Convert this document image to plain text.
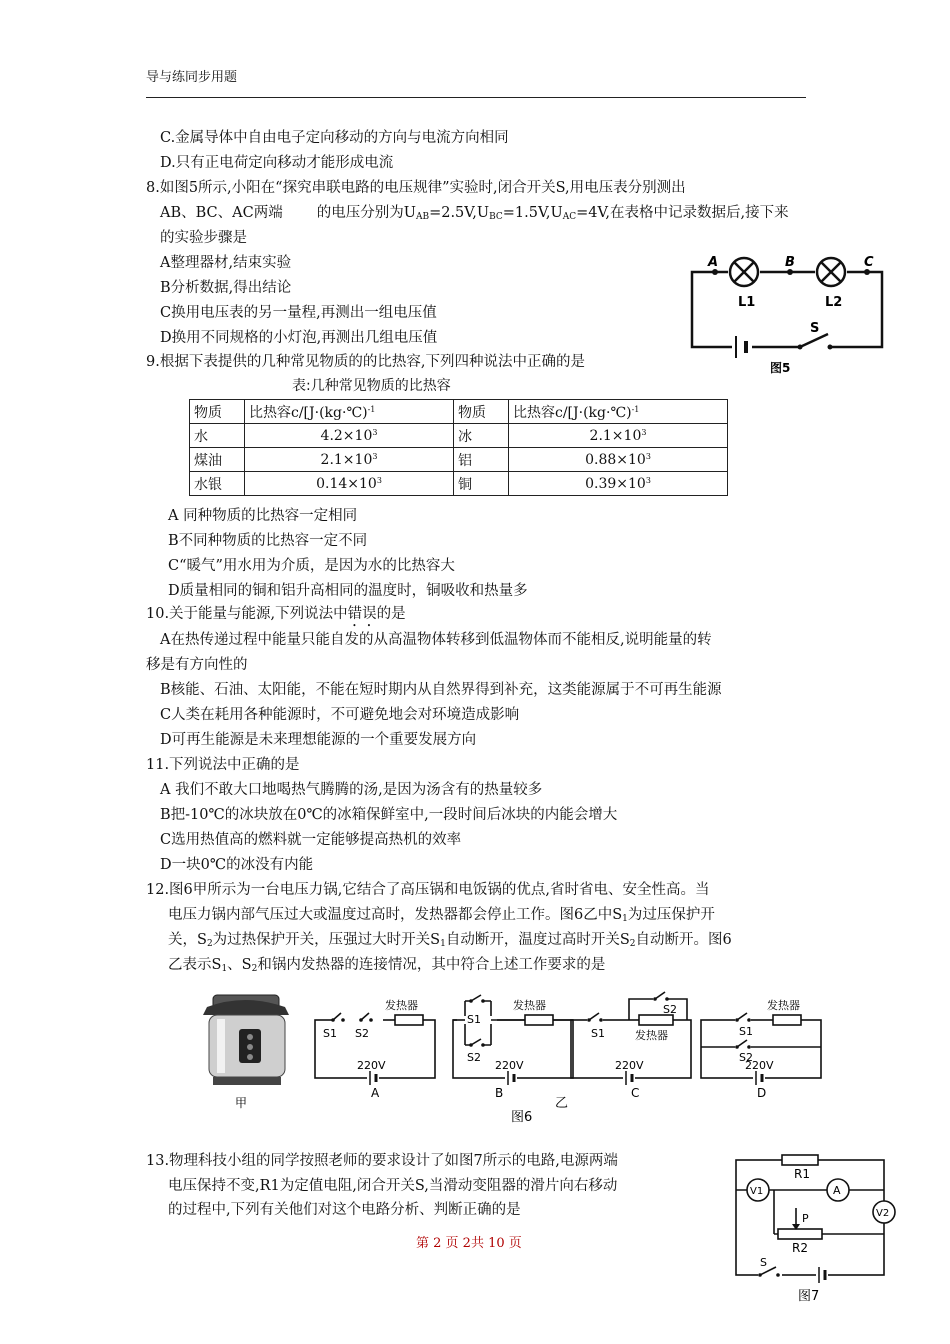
导与练同步用题
C.金属导体中自由电子定向移动的方向与电流方向相同
D.只有正电荷定向移动才能形成电流
8.如图5所示,小阳在“探究串联电路的电压规律”实验时,闭合开关S,用电压表分别测出
AB、BC、AC两端 的电压分别为$U_{AB}=2.5V,U_{BC}=1.5V,U_{AC}=4V$,在表格中记录数据后,接下来
的实验步骤是
A整理器材,结束实验
B分析数据,得出结论
C换用电压表的另一量程,再测出一组电压值
D换用不同规格的小灯泡,再测出几组电压值
A	B	C
L1	L2
S
图5
9.根据下表提供的几种常见物质的的比热容,下列四种说法中正确的是
表:几种常见物质的比热容
物质	比热容c/[J·(kg·℃)$^{-1}$	物质	比热容c/[J·(kg·℃)$^{-1}$
水	$4.2\times 10^3$	冰	$2.1\times 10^3$
煤油	$2.1\times 10^3$	铝	$0.88\times 10^3$
水银	$0.14\times 10^3$	铜	$0.39\times 10^3$
A 同种物质的比热容一定相同
B不同种物质的比热容一定不同
C“暖气”用水用为介质，是因为水的比热容大
D质量相同的铜和铝升高相同的温度时，铜吸收和热量多
10.关于能量与能源,下列说法中错误的是
A在热传递过程中能量只能自发的从高温物体转移到低温物体而不能相反,说明能量的转
移是有方向性的
B核能、石油、太阳能，不能在短时期内从自然界得到补充，这类能源属于不可再生能源
C人类在耗用各种能源时，不可避免地会对环境造成影响
D可再生能源是未来理想能源的一个重要发展方向
11.下列说法中正确的是
A 我们不敢大口地喝热气腾腾的汤,是因为汤含有的热量较多
B把-10℃的冰块放在0℃的冰箱保鲜室中,一段时间后冰块的内能会增大
C选用热值高的燃料就一定能够提高热机的效率
D一块0℃的冰没有内能
12.图6甲所示为一台电压力锅,它结合了高压锅和电饭锅的优点,省时省电、安全性高。当
电压力锅内部气压过大或温度过高时，发热器都会停止工作。图6乙中$S_1$为过压保护开
关，$S_2$为过热保护开关，压强过大时开关$S_1$自动断开，温度过高时开关$S_2$自动断开。图6
乙表示$S_1$、$S_2$和锅内发热器的连接情况，其中符合上述工作要求的是
甲
S1 S2
发热器
220V
A
S1
S2
发热器
220V
B
S1
S2
发热器
220V
C
S1
S2
发热器
220V
D
乙
图6
13.物理科技小组的同学按照老师的要求设计了如图7所示的电路,电源两端
电压保持不变,R1为定值电阻,闭合开关S,当滑动变阻器的滑片向右移动
的过程中,下列有关他们对这个电路分析、判断正确的是
R1
R2
V1	A
V2
P
S
图7
第 2 页 2共 10 页
